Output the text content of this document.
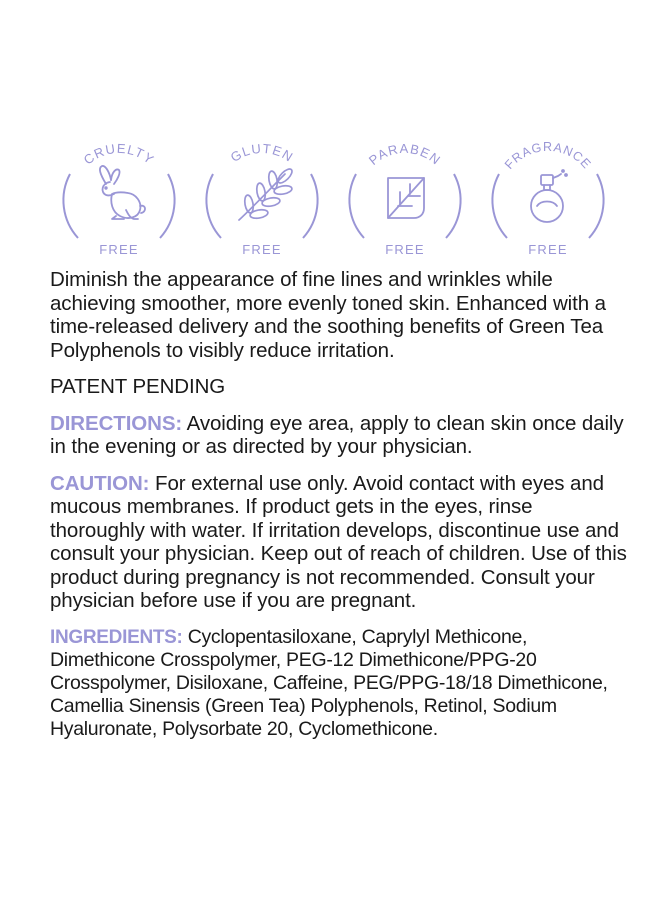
CRUELTY
FREE
GLUTEN
FREE
PARABEN
FREE
FRAGRANCE
FREE

Diminish the appearance of fine lines and wrinkles while achieving smoother, more evenly toned skin. Enhanced with a time-released delivery and the soothing benefits of Green Tea Polyphenols to visibly reduce irritation.

PATENT PENDING

DIRECTIONS: Avoiding eye area, apply to clean skin once daily in the evening or as directed by your physician.

CAUTION: For external use only. Avoid contact with eyes and mucous membranes. If product gets in the eyes, rinse thoroughly with water. If irritation develops, discontinue use and consult your physician. Keep out of reach of children. Use of this product during pregnancy is not recommended. Consult your physician before use if you are pregnant.

INGREDIENTS: Cyclopentasiloxane, Caprylyl Methicone, Dimethicone Crosspolymer, PEG-12 Dimethicone/PPG-20 Crosspolymer, Disiloxane, Caffeine, PEG/PPG-18/18 Dimethicone, Camellia Sinensis (Green Tea) Polyphenols, Retinol, Sodium Hyaluronate, Polysorbate 20, Cyclomethicone.
